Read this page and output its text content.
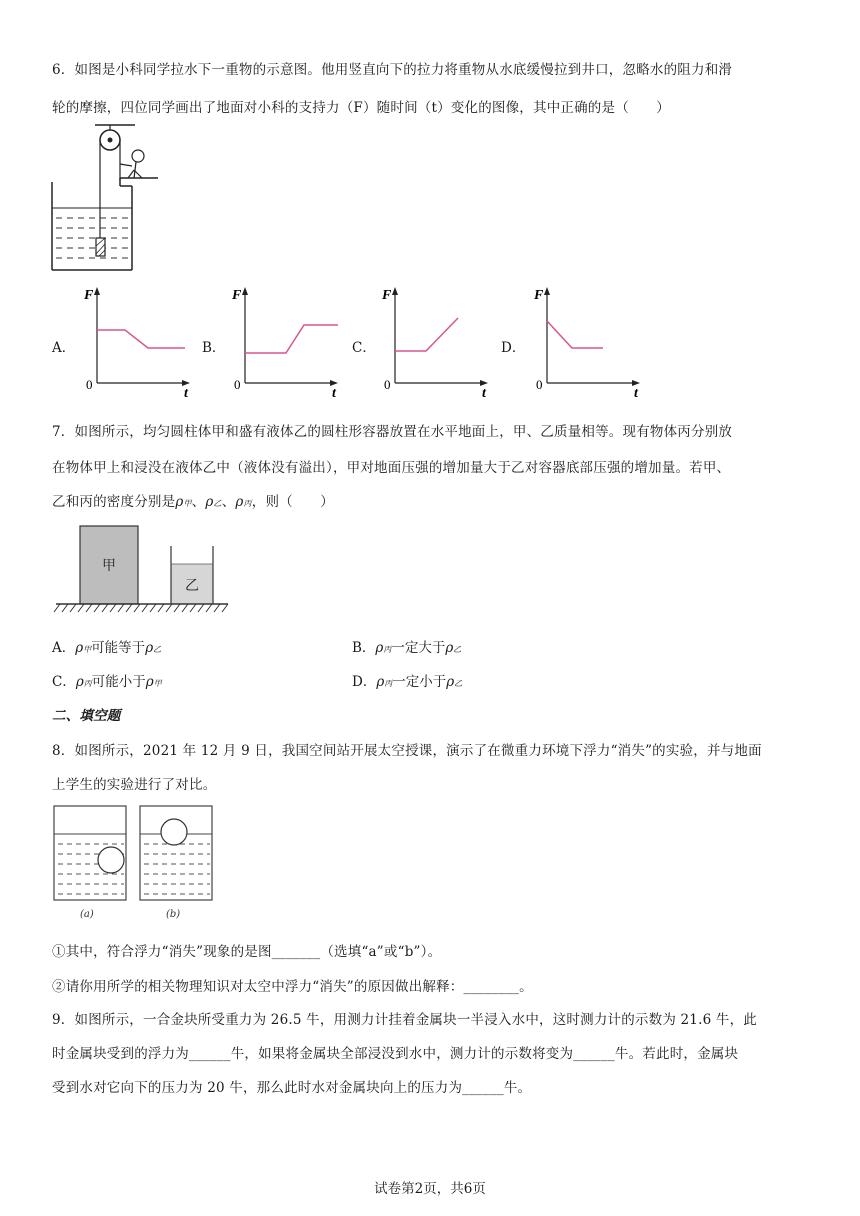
6．如图是小科同学拉水下一重物的示意图。他用竖直向下的拉力将重物从水底缓慢拉到井口，忽略水的阻力和滑
轮的摩擦，四位同学画出了地面对小科的支持力（F）随时间（t）变化的图像，其中正确的是（　　）
A．
F
t
0
B．
F
t
0
C．
F
t
0
D．
F
t
0
7．如图所示，均匀圆柱体甲和盛有液体乙的圆柱形容器放置在水平地面上，甲、乙质量相等。现有物体丙分别放
在物体甲上和浸没在液体乙中（液体没有溢出），甲对地面压强的增加量大于乙对容器底部压强的增加量。若甲、
乙和丙的密度分别是ρ甲、ρ乙、ρ丙，则（　　）
甲
乙
A．ρ甲可能等于ρ乙	B．ρ丙一定大于ρ乙
C．ρ丙可能小于ρ甲	D．ρ丙一定小于ρ乙
二、填空题
8．如图所示，2021 年 12 月 9 日，我国空间站开展太空授课，演示了在微重力环境下浮力“消失”的实验，并与地面
上学生的实验进行了对比。
(a)	(b)
①其中，符合浮力“消失”现象的是图_______（选填“a”或“b”）。
②请你用所学的相关物理知识对太空中浮力“消失”的原因做出解释：________。
9．如图所示，一合金块所受重力为 26.5 牛，用测力计挂着金属块一半浸入水中，这时测力计的示数为 21.6 牛，此
时金属块受到的浮力为______牛，如果将金属块全部浸没到水中，测力计的示数将变为______牛。若此时，金属块
受到水对它向下的压力为 20 牛，那么此时水对金属块向上的压力为______牛。
试卷第2页，共6页
